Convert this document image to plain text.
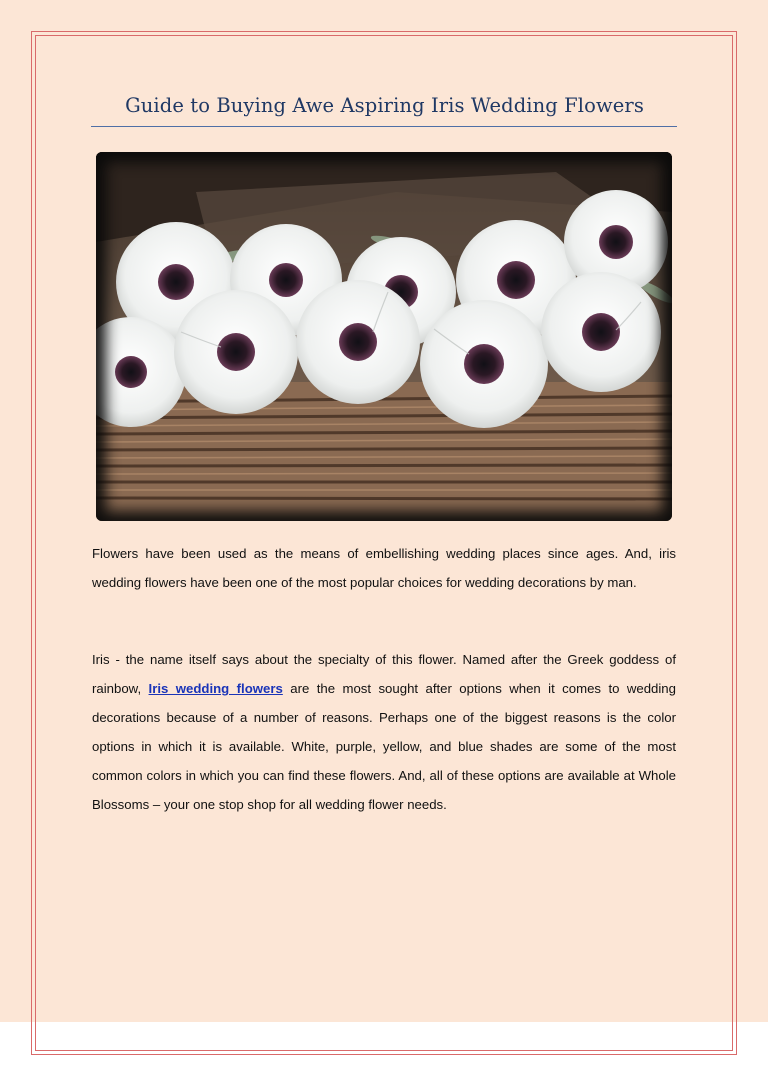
Guide to Buying Awe Aspiring Iris Wedding Flowers

Flowers have been used as the means of embellishing wedding places since ages. And, iris wedding flowers have been one of the most popular choices for wedding decorations by man.

Iris - the name itself says about the specialty of this flower. Named after the Greek goddess of rainbow, Iris wedding flowers are the most sought after options when it comes to wedding decorations because of a number of reasons. Perhaps one of the biggest reasons is the color options in which it is available. White, purple, yellow, and blue shades are some of the most common colors in which you can find these flowers. And, all of these options are available at Whole Blossoms – your one stop shop for all wedding flower needs.
